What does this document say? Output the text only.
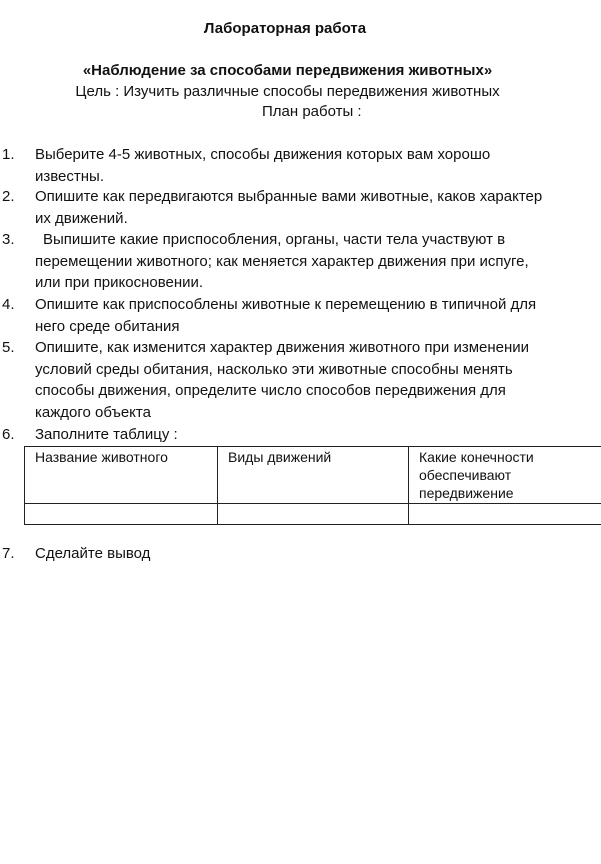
Лабораторная работа
«Наблюдение за способами передвижения животных»
Цель : Изучить различные способы передвижения животных
План работы :
1. Выберите 4-5 животных, способы движения которых вам хорошо
известны.
2. Опишите как передвигаются выбранные вами животные, каков характер
их движений.
3.	Выпишите какие приспособления, органы, части тела участвуют в
перемещении животного; как меняется характер движения при испуге,
или при прикосновении.
4. Опишите как приспособлены животные к перемещению в типичной для
него среде обитания
5. Опишите, как изменится характер движения животного при изменении
условий среды обитания, насколько эти животные способны менять
способы движения, определите число способов передвижения для
каждого объекта
6. Заполните таблицу :
Название животного	Виды движений	Какие конечности обеспечивают передвижение

7. Сделайте вывод
